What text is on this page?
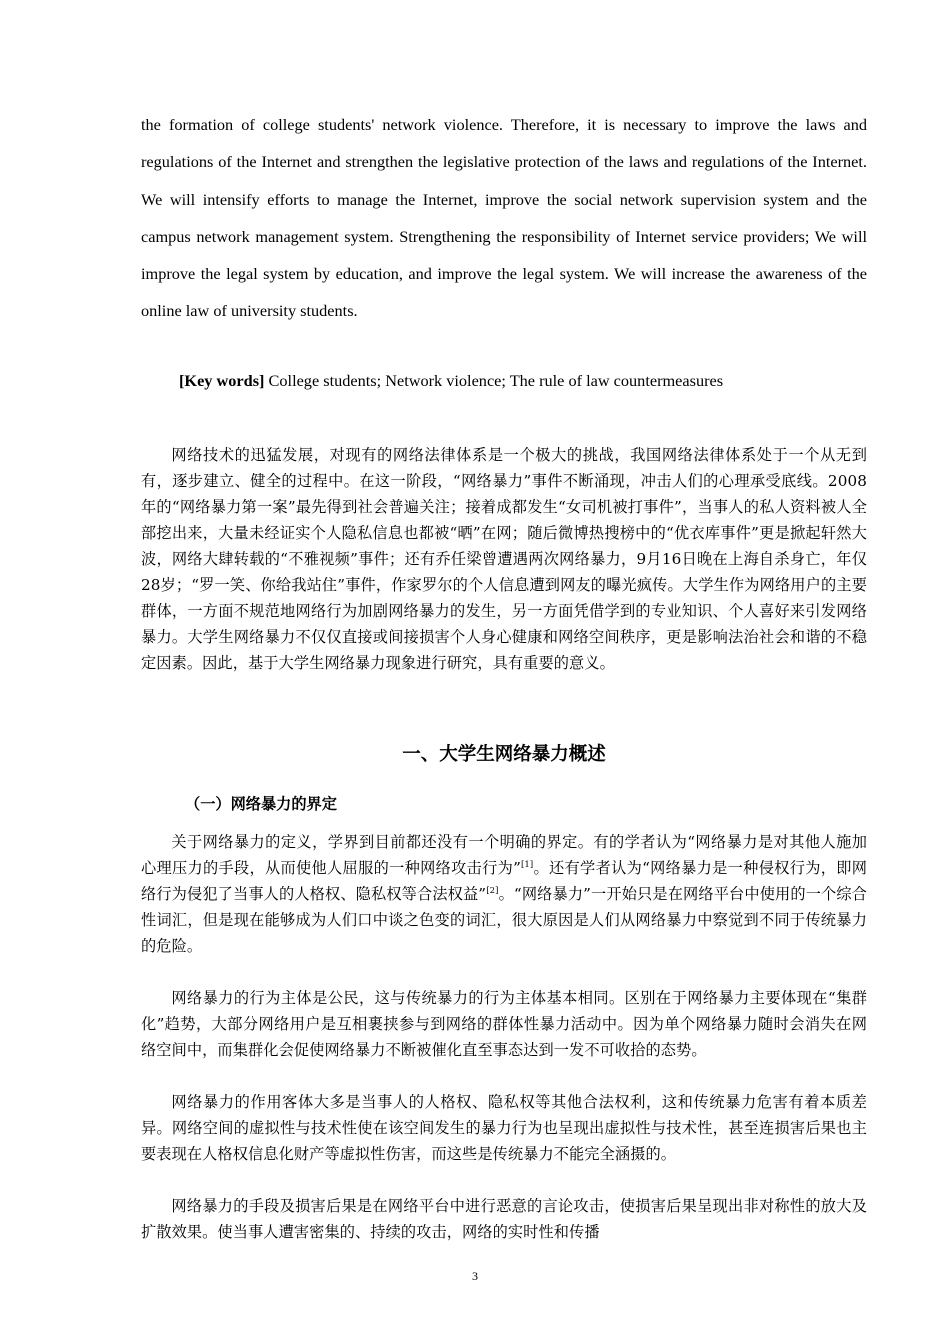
the formation of college students' network violence. Therefore, it is necessary to improve the laws and regulations of the Internet and strengthen the legislative protection of the laws and regulations of the Internet. We will intensify efforts to manage the Internet, improve the social network supervision system and the campus network management system. Strengthening the responsibility of Internet service providers; We will improve the legal system by education, and improve the legal system. We will increase the awareness of the online law of university students.

[Key words] College students; Network violence; The rule of law countermeasures

网络技术的迅猛发展，对现有的网络法律体系是一个极大的挑战，我国网络法律体系处于一个从无到有，逐步建立、健全的过程中。在这一阶段，“网络暴力”事件不断涌现，冲击人们的心理承受底线。2008年的“网络暴力第一案”最先得到社会普遍关注；接着成都发生“女司机被打事件”，当事人的私人资料被人全部挖出来，大量未经证实个人隐私信息也都被“晒”在网；随后微博热搜榜中的“优衣库事件”更是掀起轩然大波，网络大肆转载的“不雅视频”事件；还有乔任梁曾遭遇两次网络暴力，9月16日晚在上海自杀身亡，年仅28岁；“罗一笑、你给我站住”事件，作家罗尔的个人信息遭到网友的曝光疯传。大学生作为网络用户的主要群体，一方面不规范地网络行为加剧网络暴力的发生，另一方面凭借学到的专业知识、个人喜好来引发网络暴力。大学生网络暴力不仅仅直接或间接损害个人身心健康和网络空间秩序，更是影响法治社会和谐的不稳定因素。因此，基于大学生网络暴力现象进行研究，具有重要的意义。

一、大学生网络暴力概述
（一）网络暴力的界定

关于网络暴力的定义，学界到目前都还没有一个明确的界定。有的学者认为“网络暴力是对其他人施加心理压力的手段，从而使他人屈服的一种网络攻击行为”[1]。还有学者认为“网络暴力是一种侵权行为，即网络行为侵犯了当事人的人格权、隐私权等合法权益”[2]。“网络暴力”一开始只是在网络平台中使用的一个综合性词汇，但是现在能够成为人们口中谈之色变的词汇，很大原因是人们从网络暴力中察觉到不同于传统暴力的危险。

网络暴力的行为主体是公民，这与传统暴力的行为主体基本相同。区别在于网络暴力主要体现在“集群化”趋势，大部分网络用户是互相裹挟参与到网络的群体性暴力活动中。因为单个网络暴力随时会消失在网络空间中，而集群化会促使网络暴力不断被催化直至事态达到一发不可收拾的态势。

网络暴力的作用客体大多是当事人的人格权、隐私权等其他合法权利，这和传统暴力危害有着本质差异。网络空间的虚拟性与技术性使在该空间发生的暴力行为也呈现出虚拟性与技术性，甚至连损害后果也主要表现在人格权信息化财产等虚拟性伤害，而这些是传统暴力不能完全涵摄的。

网络暴力的手段及损害后果是在网络平台中进行恶意的言论攻击，使损害后果呈现出非对称性的放大及扩散效果。使当事人遭害密集的、持续的攻击，网络的实时性和传播

3
